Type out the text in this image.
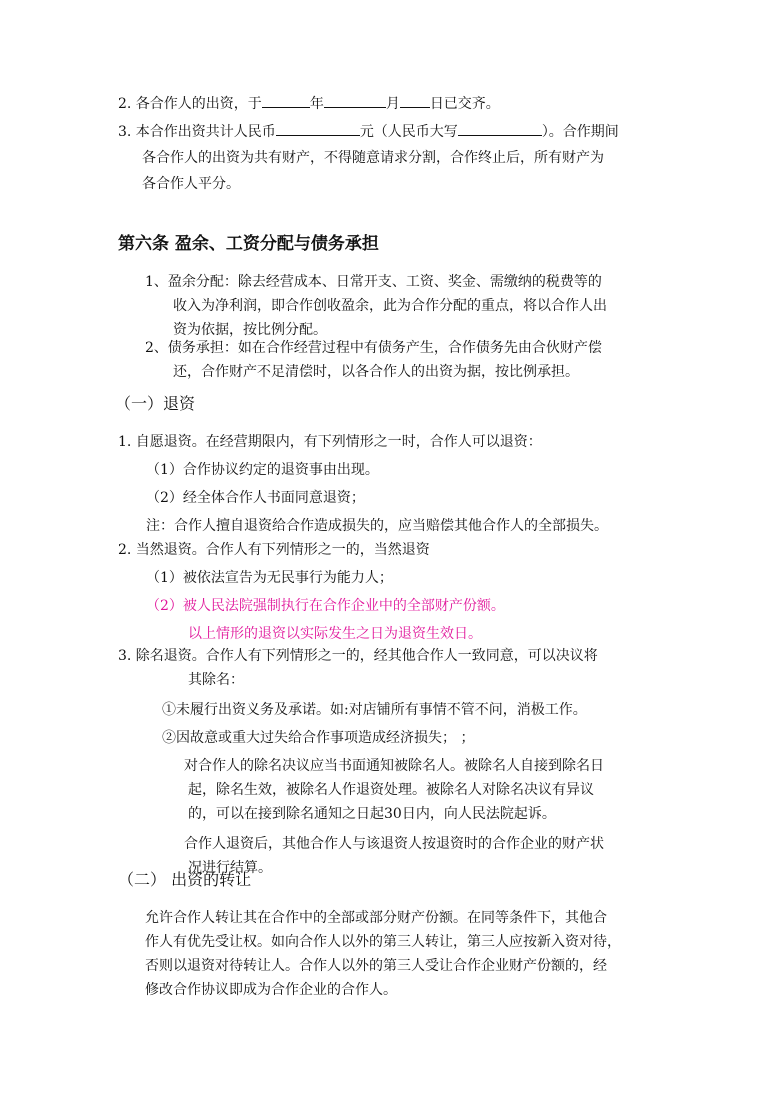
2. 各合作人的出资，于	年	月 日已交齐。
3. 本合作出资共计人民币	元（人民币大写	）。合作期间
各合作人的出资为共有财产，不得随意请求分割，合作终止后，所有财产为
各合作人平分。
第六条 盈余、工资分配与债务承担
1、盈余分配：除去经营成本、日常开支、工资、奖金、需缴纳的税费等的
收入为净利润，即合作创收盈余，此为合作分配的重点，将以合作人出
资为依据，按比例分配。
2、债务承担：如在合作经营过程中有债务产生，合作债务先由合伙财产偿
还，合作财产不足清偿时，以各合作人的出资为据，按比例承担。
（一）退资
1. 自愿退资。在经营期限内，有下列情形之一时，合作人可以退资：
（1）合作协议约定的退资事由出现。
（2）经全体合作人书面同意退资；
注：合作人擅自退资给合作造成损失的，应当赔偿其他合作人的全部损失。
2. 当然退资。合作人有下列情形之一的，当然退资
（1）被依法宣告为无民事行为能力人；
（2）被人民法院强制执行在合作企业中的全部财产份额。
以上情形的退资以实际发生之日为退资生效日。
3. 除名退资。合作人有下列情形之一的，经其他合作人一致同意，可以决议将
其除名：
①未履行出资义务及承诺。如:对店铺所有事情不管不问，消极工作。
②因故意或重大过失给合作事项造成经济损失； ；
对合作人的除名决议应当书面通知被除名人。被除名人自接到除名日
起，除名生效，被除名人作退资处理。被除名人对除名决议有异议
的，可以在接到除名通知之日起30日内，向人民法院起诉。
合作人退资后，其他合作人与该退资人按退资时的合作企业的财产状
况进行结算。
（二） 出资的转让
允许合作人转让其在合作中的全部或部分财产份额。在同等条件下，其他合
作人有优先受让权。如向合作人以外的第三人转让，第三人应按新入资对待，
否则以退资对待转让人。合作人以外的第三人受让合作企业财产份额的，经
修改合作协议即成为合作企业的合作人。
